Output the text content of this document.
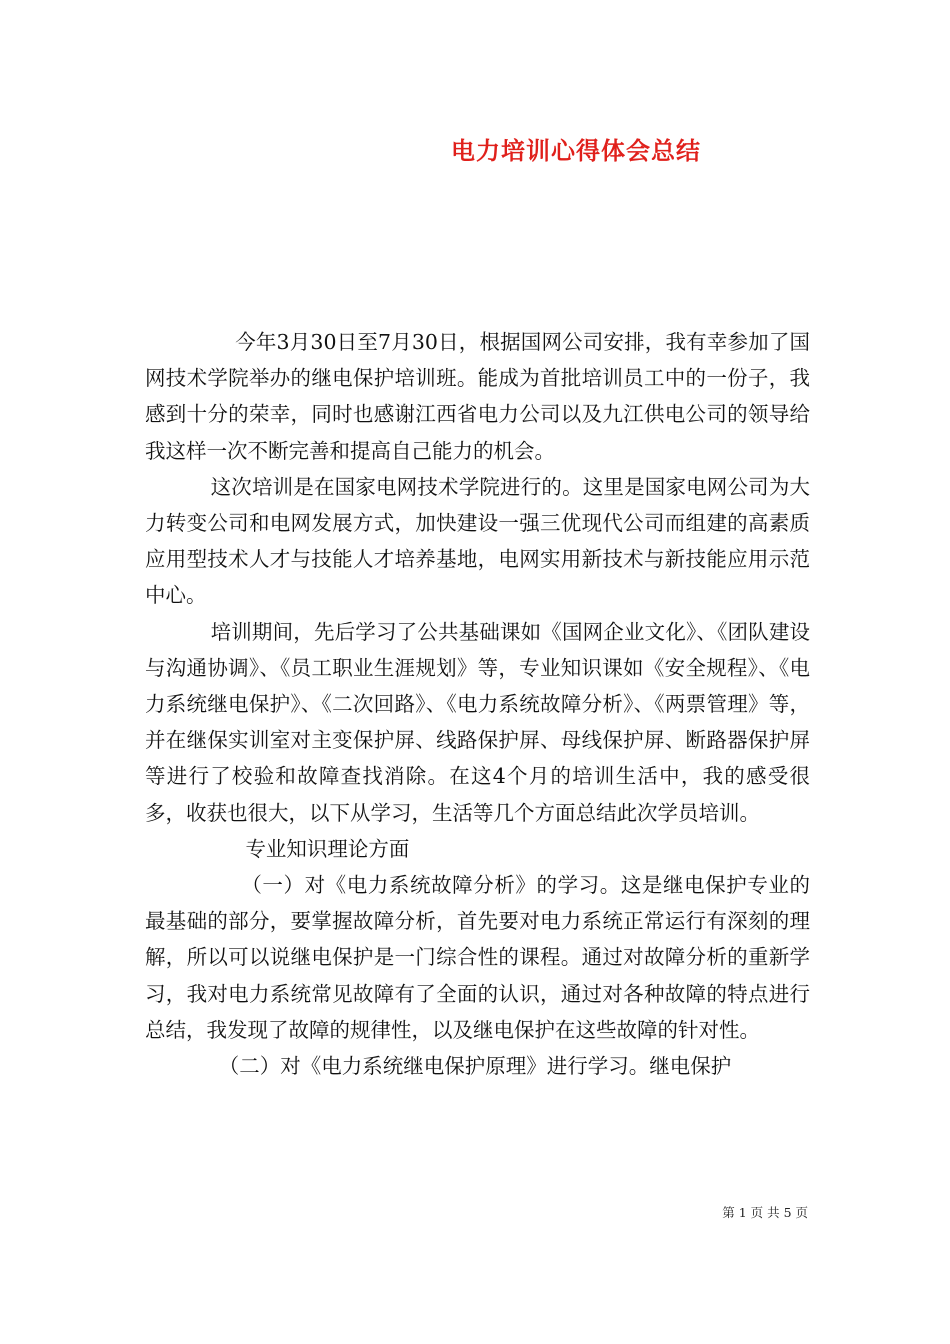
电力培训心得体会总结

今年3月30日至7月30日，根据国网公司安排，我有幸参加了国网技术学院举办的继电保护培训班。能成为首批培训员工中的一份子，我感到十分的荣幸，同时也感谢江西省电力公司以及九江供电公司的领导给我这样一次不断完善和提高自己能力的机会。

这次培训是在国家电网技术学院进行的。这里是国家电网公司为大力转变公司和电网发展方式，加快建设一强三优现代公司而组建的高素质应用型技术人才与技能人才培养基地，电网实用新技术与新技能应用示范中心。

培训期间，先后学习了公共基础课如《国网企业文化》、《团队建设与沟通协调》、《员工职业生涯规划》等，专业知识课如《安全规程》、《电力系统继电保护》、《二次回路》、《电力系统故障分析》、《两票管理》等，并在继保实训室对主变保护屏、线路保护屏、母线保护屏、断路器保护屏等进行了校验和故障查找消除。在这4个月的培训生活中，我的感受很多，收获也很大，以下从学习，生活等几个方面总结此次学员培训。

专业知识理论方面

（一）对《电力系统故障分析》的学习。这是继电保护专业的最基础的部分，要掌握故障分析，首先要对电力系统正常运行有深刻的理解，所以可以说继电保护是一门综合性的课程。通过对故障分析的重新学习，我对电力系统常见故障有了全面的认识，通过对各种故障的特点进行总结，我发现了故障的规律性，以及继电保护在这些故障的针对性。

（二）对《电力系统继电保护原理》进行学习。继电保护

第 1 页 共 5 页
